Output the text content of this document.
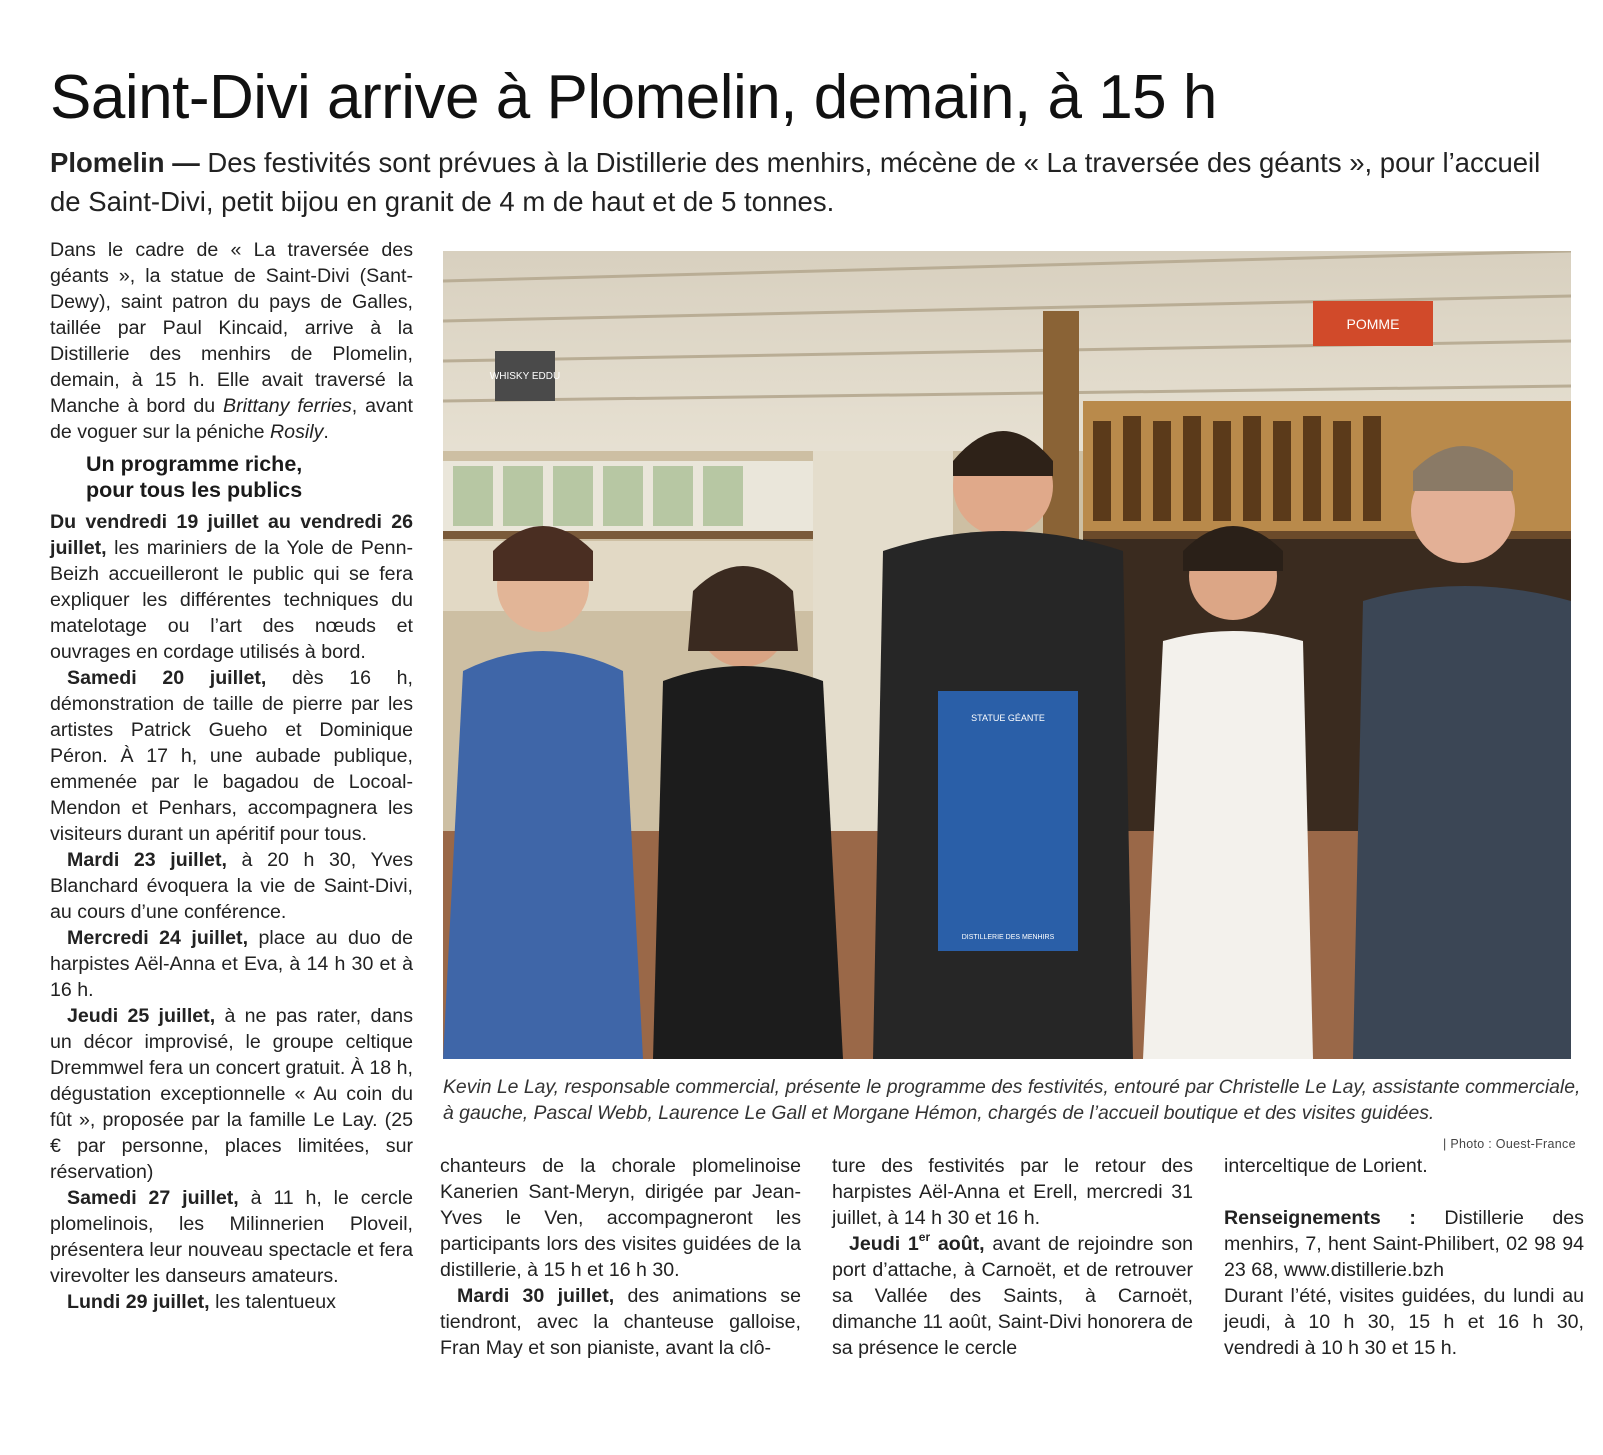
Saint-Divi arrive à Plomelin, demain, à 15 h

Plomelin — Des festivités sont prévues à la Distillerie des menhirs, mécène de « La traversée des géants », pour l’accueil de Saint-Divi, petit bijou en granit de 4 m de haut et de 5 tonnes.

Dans le cadre de « La traversée des géants », la statue de Saint-Divi (Sant-Dewy), saint patron du pays de Galles, taillée par Paul Kincaid, arrive à la Distillerie des menhirs de Plomelin, demain, à 15 h. Elle avait traversé la Manche à bord du Brittany ferries, avant de voguer sur la péniche Rosily.

Un programme riche,
pour tous les publics

Du vendredi 19 juillet au vendredi 26 juillet, les mariniers de la Yole de Penn-Beizh accueilleront le public qui se fera expliquer les différentes techniques du matelotage ou l’art des nœuds et ouvrages en cordage utilisés à bord.

Samedi 20 juillet, dès 16 h, démonstration de taille de pierre par les artistes Patrick Gueho et Dominique Péron. À 17 h, une aubade publique, emmenée par le bagadou de Locoal-Mendon et Penhars, accompagnera les visiteurs durant un apéritif pour tous.

Mardi 23 juillet, à 20 h 30, Yves Blanchard évoquera la vie de Saint-Divi, au cours d’une conférence.

Mercredi 24 juillet, place au duo de harpistes Aël-Anna et Eva, à 14 h 30 et à 16 h.

Jeudi 25 juillet, à ne pas rater, dans un décor improvisé, le groupe celtique Dremmwel fera un concert gratuit. À 18 h, dégustation exceptionnelle « Au coin du fût », proposée par la famille Le Lay. (25 € par personne, places limitées, sur réservation)

Samedi 27 juillet, à 11 h, le cercle plomelinois, les Milinnerien Ploveil, présentera leur nouveau spectacle et fera virevolter les danseurs amateurs.

Lundi 29 juillet, les talentueux

WHISKY EDDU
POMME
STATUE GÉANTE
DISTILLERIE DES MENHIRS

Kevin Le Lay, responsable commercial, présente le programme des festivités, entouré par Christelle Le Lay, assistante commerciale, à gauche, Pascal Webb, Laurence Le Gall et Morgane Hémon, chargés de l’accueil boutique et des visites guidées.

| Photo : Ouest-France

chanteurs de la chorale plomelinoise Kanerien Sant-Meryn, dirigée par Jean-Yves le Ven, accompagneront les participants lors des visites guidées de la distillerie, à 15 h et 16 h 30.

Mardi 30 juillet, des animations se tiendront, avec la chanteuse galloise, Fran May et son pianiste, avant la clô-

ture des festivités par le retour des harpistes Aël-Anna et Erell, mercredi 31 juillet, à 14 h 30 et 16 h.

Jeudi 1er août, avant de rejoindre son port d’attache, à Carnoët, et de retrouver sa Vallée des Saints, à Carnoët, dimanche 11 août, Saint-Divi honorera de sa présence le cercle

interceltique de Lorient.

Renseignements : Distillerie des menhirs, 7, hent Saint-Philibert, 02 98 94 23 68, www.distillerie.bzh

Durant l’été, visites guidées, du lundi au jeudi, à 10 h 30, 15 h et 16 h 30, vendredi à 10 h 30 et 15 h.
